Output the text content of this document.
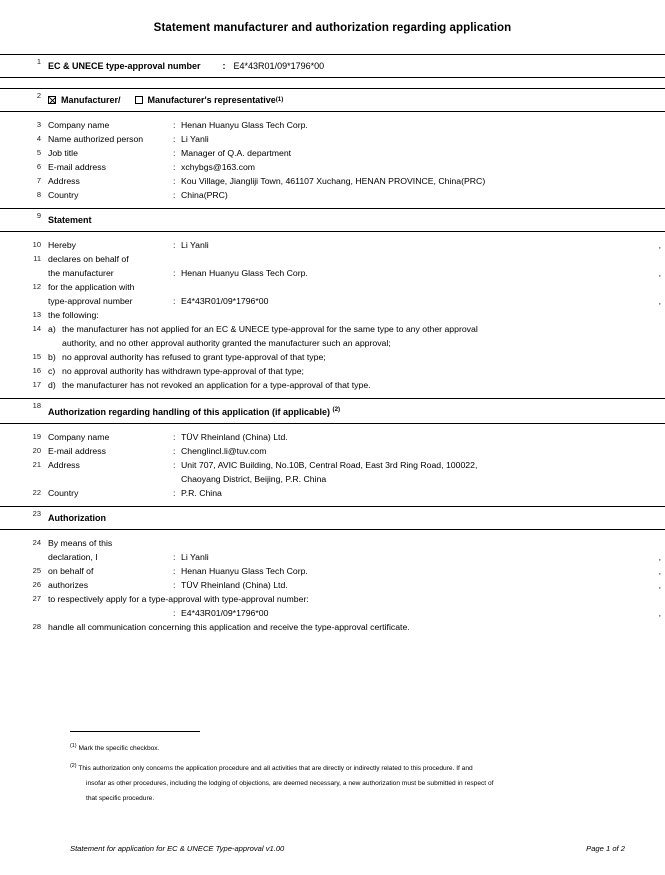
Statement manufacturer and authorization regarding application
1 EC & UNECE type-approval number : E4*43R01/09*1796*00
2	Manufacturer/	Manufacturer's representative (1)
3 Company name	: Henan Huanyu Glass Tech Corp.
4 Name authorized person	: Li Yanli
5 Job title	: Manager of Q.A. department
6 E-mail address	: xchybgs@163.com
7 Address	: Kou Village, Jiangliji Town, 461107 Xuchang, HENAN PROVINCE, China(PRC)
8 Country	: China(PRC)
9 Statement
10 Hereby	: Li Yanli	,
11 declares on behalf of
the manufacturer	: Henan Huanyu Glass Tech Corp.	,
12 for the application with
type-approval number	: E4*43R01/09*1796*00	,
13 the following:
14 a) the manufacturer has not applied for an EC & UNECE type-approval for the same type to any other approval
authority, and no other approval authority granted the manufacturer such an approval;
15 b) no approval authority has refused to grant type-approval of that type;
16 c) no approval authority has withdrawn type-approval of that type;
17 d) the manufacturer has not revoked an application for a type-approval of that type.
18
Authorization regarding handling of this application (if applicable) $^{(2)}$
19 Company name	: TÜV Rheinland (China) Ltd.
20 E-mail address	: Chenglincl.li@tuv.com
21 Address	: Unit 707, AVIC Building, No.10B, Central Road, East 3rd Ring Road, 100022,
Chaoyang District, Beijing, P.R. China
22 Country	: P.R. China
23 Authorization
24 By means of this
declaration, I	: Li Yanli	,
25 on behalf of	: Henan Huanyu Glass Tech Corp.	,
26 authorizes	: TÜV Rheinland (China) Ltd.	,
27 to respectively apply for a type-approval with type-approval number:
: E4*43R01/09*1796*00	,
28 handle all communication concerning this application and receive the type-approval certificate.
$^{(1)}$ Mark the specific checkbox.
$^{(2)}$ This authorization only concerns the application procedure and all activities that are directly or indirectly related to this procedure. If and
insofar as other procedures, including the lodging of objections, are deemed necessary, a new authorization must be submitted in respect of
that specific procedure.
Statement for application for EC & UNECE Type-approval v1.00	Page 1 of 2
